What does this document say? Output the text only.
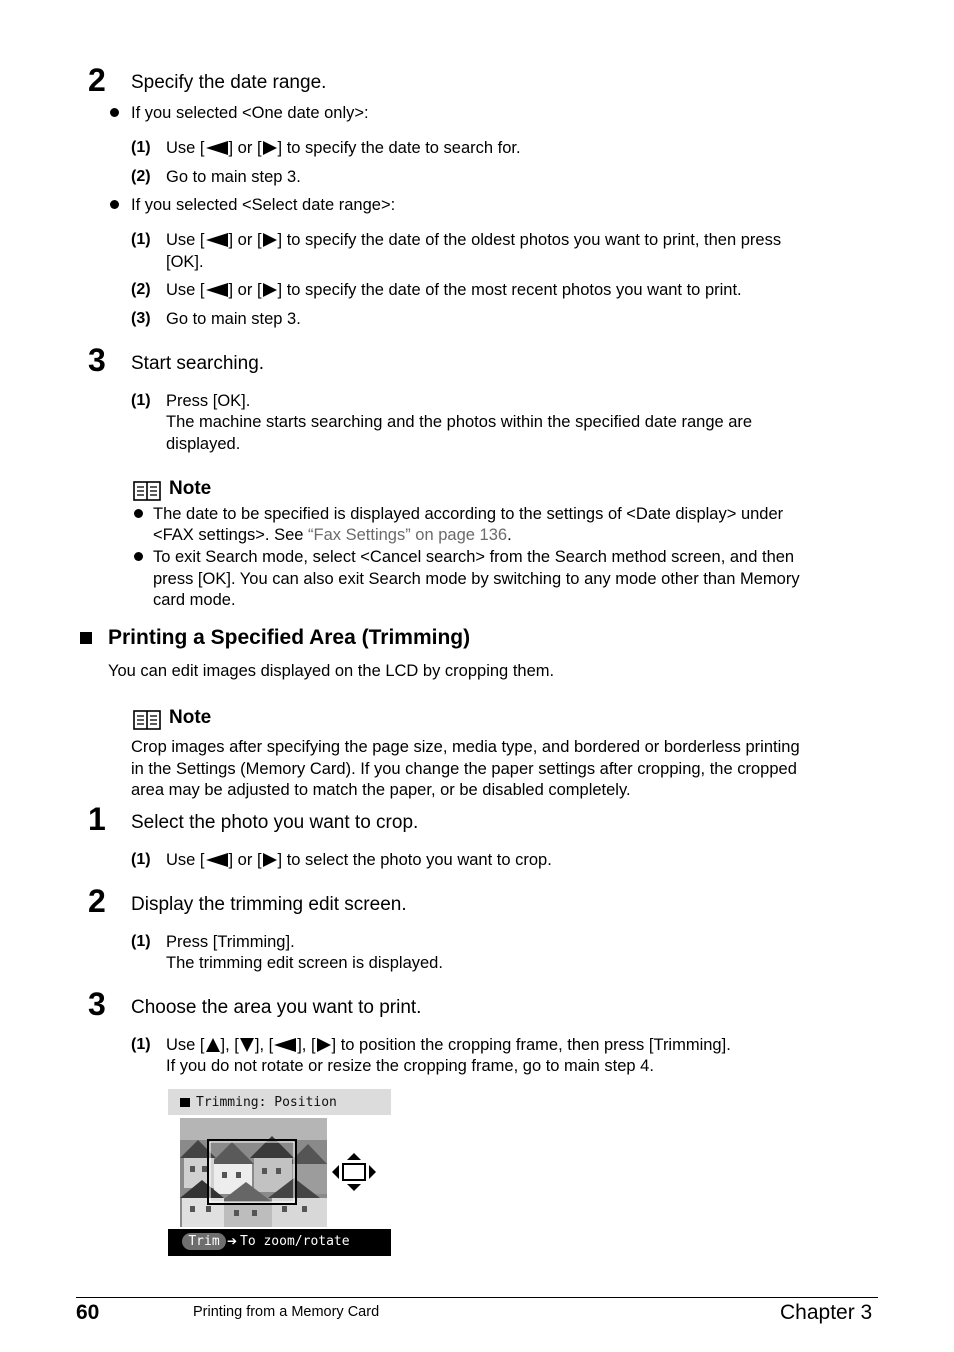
2 Specify the date range.
If you selected <One date only>:
(1) Use [ ] or [ ] to specify the date to search for.
(2) Go to main step 3.
If you selected <Select date range>:
(1) Use [ ] or [ ] to specify the date of the oldest photos you want to print, then press
[OK].
(2) Use [ ] or [ ] to specify the date of the most recent photos you want to print.
(3) Go to main step 3.
3 Start searching.
(1) Press [OK].
The machine starts searching and the photos within the specified date range are
displayed.
Note
The date to be specified is displayed according to the settings of <Date display> under
<FAX settings>. See “Fax Settings” on page 136.
To exit Search mode, select <Cancel search> from the Search method screen, and then
press [OK]. You can also exit Search mode by switching to any mode other than Memory
card mode.
Printing a Specified Area (Trimming)
You can edit images displayed on the LCD by cropping them.
Note
Crop images after specifying the page size, media type, and bordered or borderless printing
in the Settings (Memory Card). If you change the paper settings after cropping, the cropped
area may be adjusted to match the paper, or be disabled completely.
1 Select the photo you want to crop.
(1) Use [ ] or [ ] to select the photo you want to crop.
2 Display the trimming edit screen.
(1) Press [Trimming].
The trimming edit screen is displayed.
3 Choose the area you want to print.
(1) Use [ ], [ ], [ ], [ ] to position the cropping frame, then press [Trimming].
If you do not rotate or resize the cropping frame, go to main step 4.
Trimming: Position
Trim ➔ To zoom/rotate
60	Printing from a Memory Card	Chapter 3
